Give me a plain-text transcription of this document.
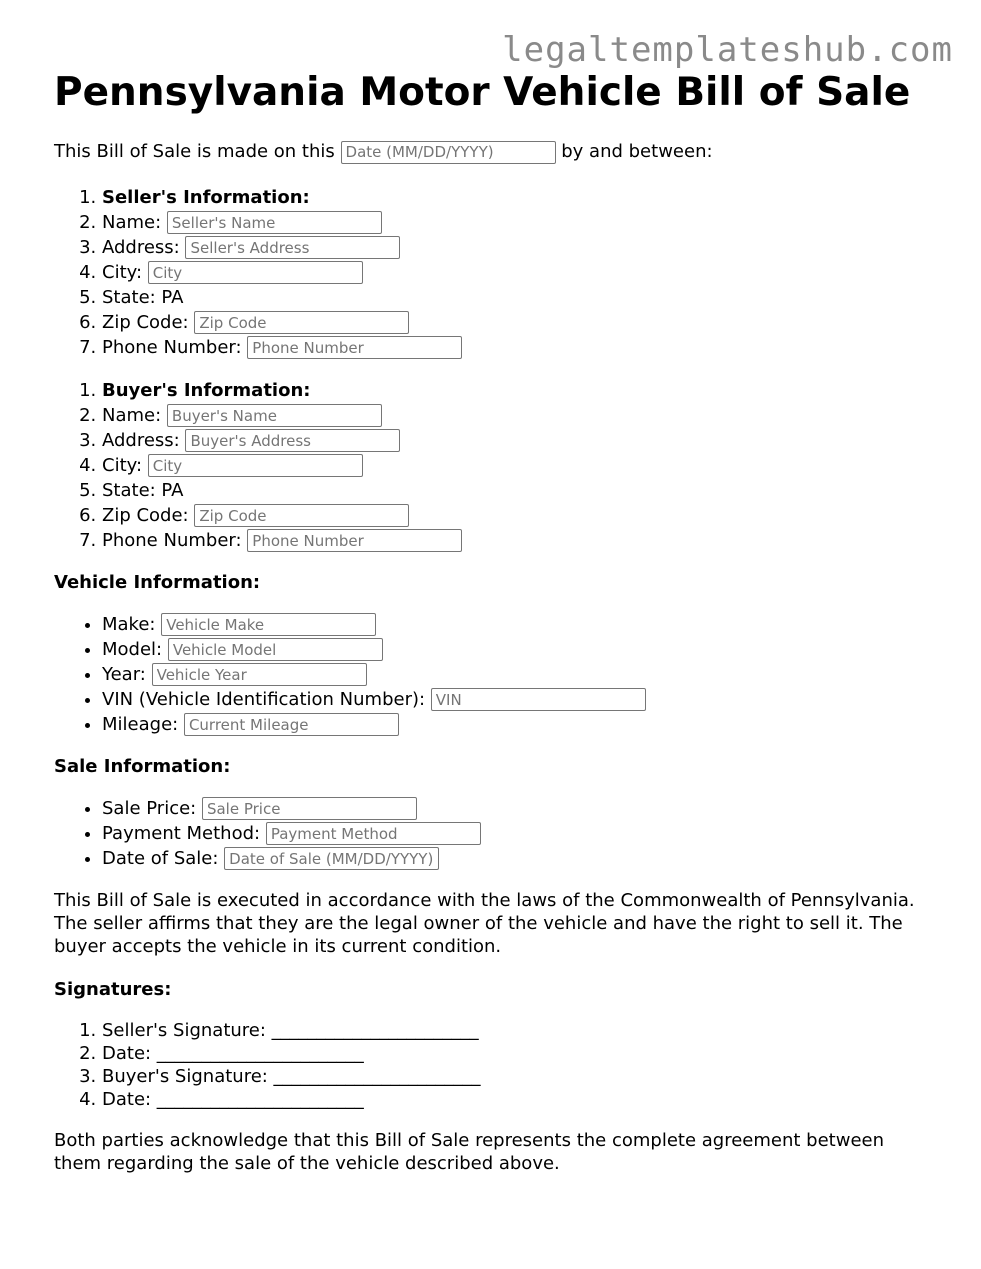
legaltemplateshub.com
Pennsylvania Motor Vehicle Bill of Sale

This Bill of Sale is made on this Date (MM/DD/YYYY)	by and between:

1. Seller's Information:
2. Name: Seller's Name
3. Address: Seller's Address
4. City: City
5. State: PA
6. Zip Code: Zip Code
7. Phone Number: Phone Number
1. Buyer's Information:
2. Name: Buyer's Name
3. Address: Buyer's Address
4. City: City
5. State: PA
6. Zip Code: Zip Code
7. Phone Number: Phone Number
Vehicle Information:
• Make: Vehicle Make
• Model: Vehicle Model
• Year: Vehicle Year
• VIN (Vehicle Identification Number): VIN
• Mileage: Current Mileage
Sale Information:
• Sale Price: Sale Price
• Payment Method: Payment Method
• Date of Sale: Date of Sale (MM/DD/YYYY)

This Bill of Sale is executed in accordance with the laws of the Commonwealth of Pennsylvania. The seller affirms that they are the legal owner of the vehicle and have the right to sell it. The buyer accepts the vehicle in its current condition.

Signatures:
1. Seller's Signature: _______________________
2. Date: _______________________
3. Buyer's Signature: _______________________
4. Date: _______________________

Both parties acknowledge that this Bill of Sale represents the complete agreement between them regarding the sale of the vehicle described above.
